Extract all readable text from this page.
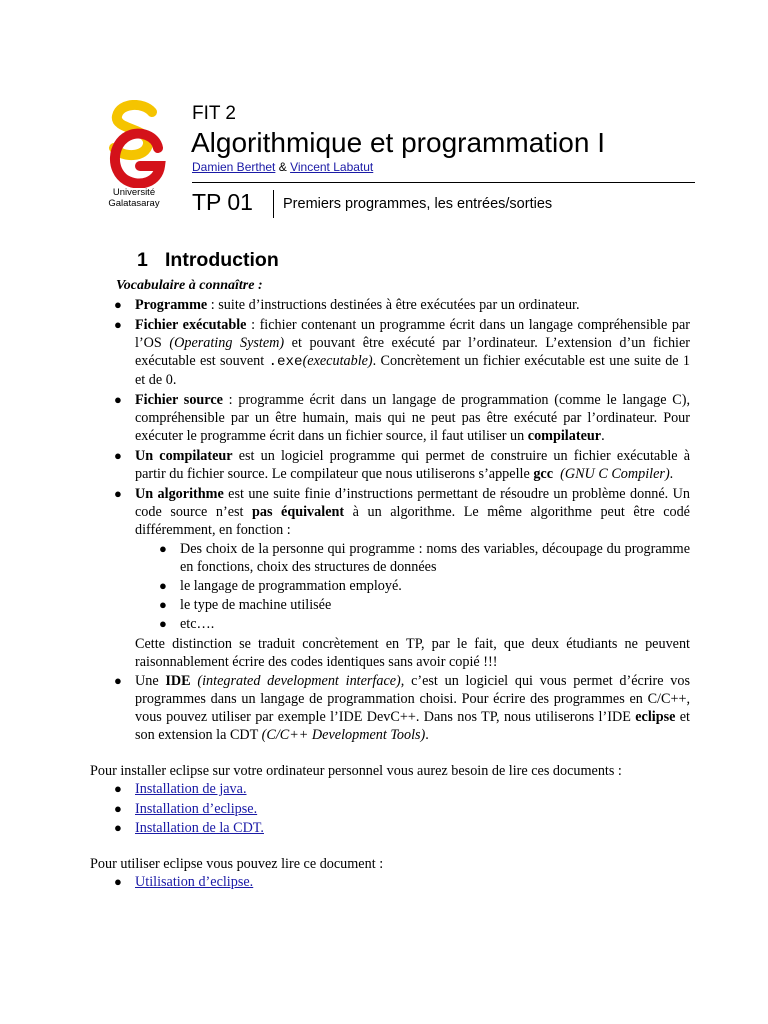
Université
Galatasaray
FIT 2
Algorithmique et programmation I
Damien Berthet & Vincent Labatut
TP 01 Premiers programmes, les entrées/sorties
1 Introduction
Vocabulaire à connaître :
● Programme : suite d’instructions destinées à être exécutées par un ordinateur.
● Fichier exécutable : fichier contenant un programme écrit dans un langage compréhensible par l’OS (Operating System) et pouvant être exécuté par l’ordinateur. L’extension d’un fichier exécutable est souvent .exe(executable). Concrètement un fichier exécutable est une suite de 1 et de 0.
● Fichier source : programme écrit dans un langage de programmation (comme le langage C), compréhensible par un être humain, mais qui ne peut pas être exécuté par l’ordinateur. Pour exécuter le programme écrit dans un fichier source, il faut utiliser un compilateur.
● Un compilateur est un logiciel programme qui permet de construire un fichier exécutable à partir du fichier source. Le compilateur que nous utiliserons s’appelle gcc (GNU C Compiler).
● Un algorithme est une suite finie d’instructions permettant de résoudre un problème donné. Un code source n’est pas équivalent à un algorithme. Le même algorithme peut être codé différemment, en fonction :
● Des choix de la personne qui programme : noms des variables, découpage du programme en fonctions, choix des structures de données
● le langage de programmation employé.
● le type de machine utilisée
● etc….
Cette distinction se traduit concrètement en TP, par le fait, que deux étudiants ne peuvent raisonnablement écrire des codes identiques sans avoir copié !!!
● Une IDE (integrated development interface), c’est un logiciel qui vous permet d’écrire vos programmes dans un langage de programmation choisi. Pour écrire des programmes en C/C++, vous pouvez utiliser par exemple l’IDE DevC++. Dans nos TP, nous utiliserons l’IDE eclipse et son extension la CDT (C/C++ Development Tools).
Pour installer eclipse sur votre ordinateur personnel vous aurez besoin de lire ces documents :
● Installation de java.
● Installation d’eclipse.
● Installation de la CDT.
Pour utiliser eclipse vous pouvez lire ce document :
● Utilisation d’eclipse.
